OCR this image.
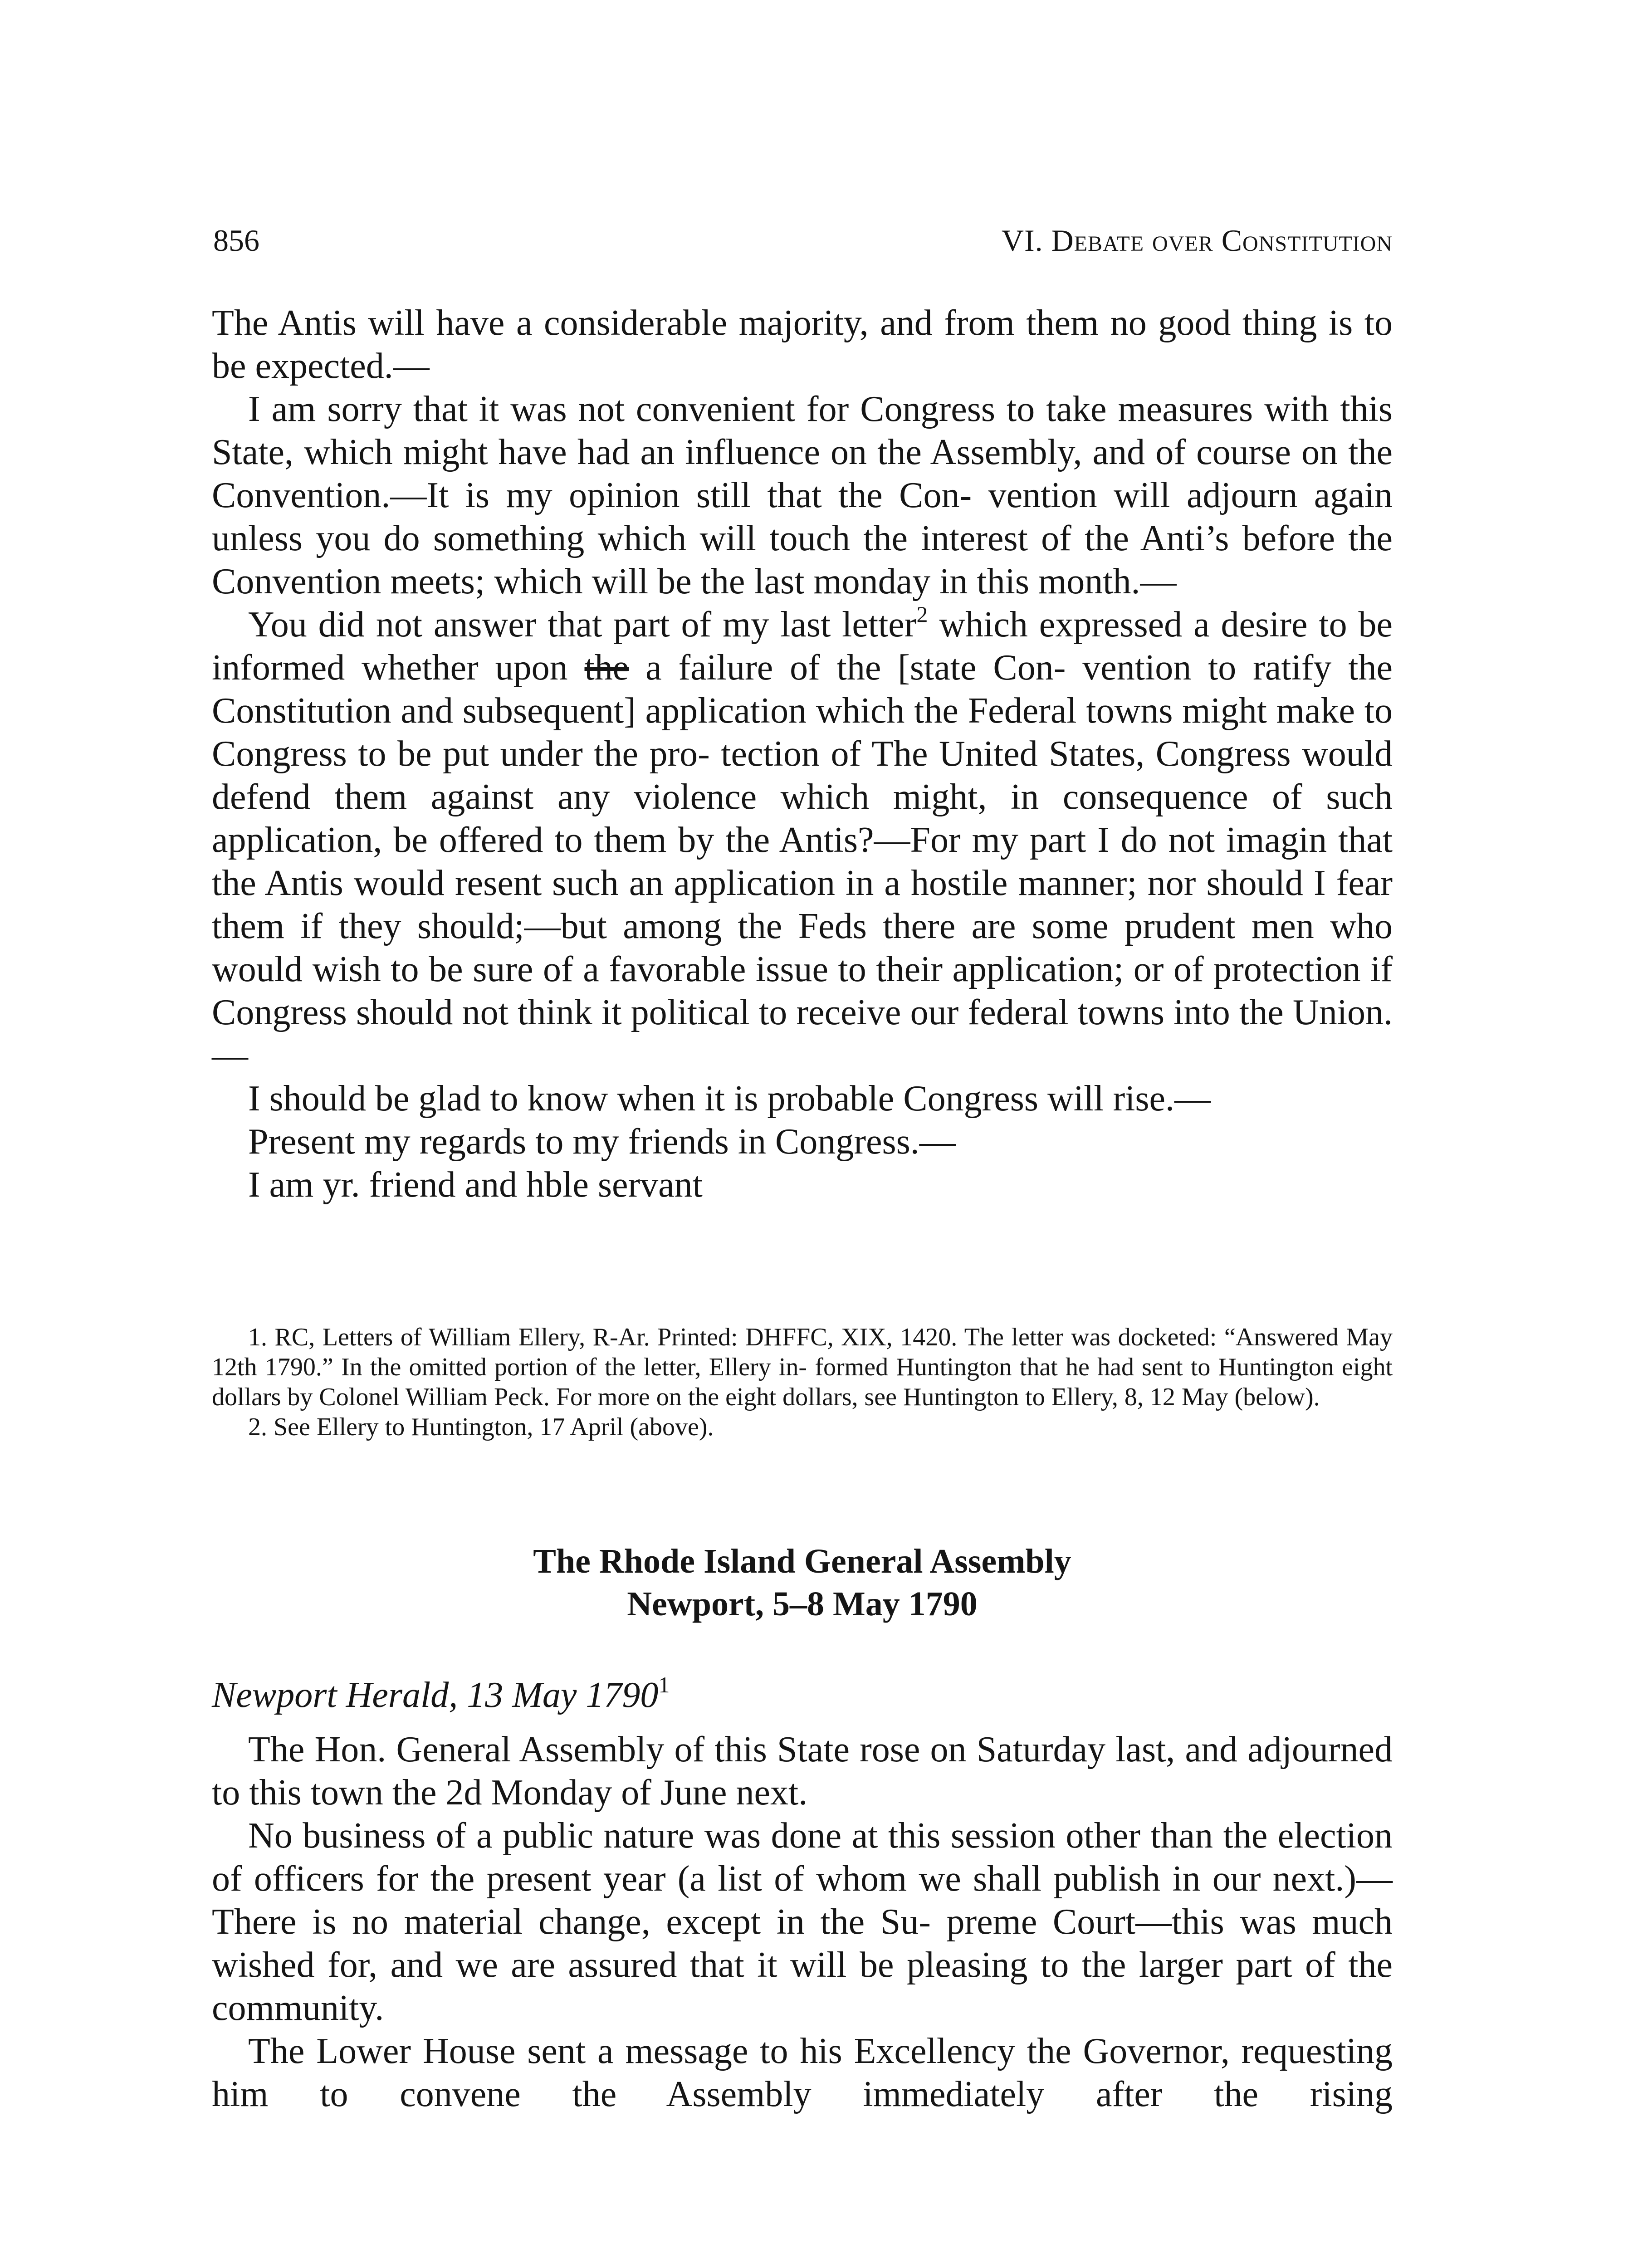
856	VI. Debate over Constitution

The Antis will have a considerable majority, and from them no good thing is to be expected.—

I am sorry that it was not convenient for Congress to take measures with this State, which might have had an influence on the Assembly, and of course on the Convention.—It is my opinion still that the Con- vention will adjourn again unless you do something which will touch the interest of the Anti’s before the Convention meets; which will be the last monday in this month.—

You did not answer that part of my last letter$^2$ which expressed a desire to be informed whether upon the a failure of the [state Con- vention to ratify the Constitution and subsequent] application which the Federal towns might make to Congress to be put under the pro- tection of The United States, Congress would defend them against any violence which might, in consequence of such application, be offered to them by the Antis?—For my part I do not imagin that the Antis would resent such an application in a hostile manner; nor should I fear them if they should;—but among the Feds there are some prudent men who would wish to be sure of a favorable issue to their application; or of protection if Congress should not think it political to receive our federal towns into the Union.—

I should be glad to know when it is probable Congress will rise.—

Present my regards to my friends in Congress.—

I am yr. friend and hble servant

1. RC, Letters of William Ellery, R-Ar. Printed: DHFFC, XIX, 1420. The letter was docketed: “Answered May 12th 1790.” In the omitted portion of the letter, Ellery in- formed Huntington that he had sent to Huntington eight dollars by Colonel William Peck. For more on the eight dollars, see Huntington to Ellery, 8, 12 May (below).

2. See Ellery to Huntington, 17 April (above).

The Rhode Island General Assembly
Newport, 5–8 May 1790
Newport Herald, 13 May 1790$^1$

The Hon. General Assembly of this State rose on Saturday last, and adjourned to this town the 2d Monday of June next.

No business of a public nature was done at this session other than the election of officers for the present year (a list of whom we shall publish in our next.)—There is no material change, except in the Su- preme Court—this was much wished for, and we are assured that it will be pleasing to the larger part of the community.

The Lower House sent a message to his Excellency the Governor, requesting him to convene the Assembly immediately after the rising
